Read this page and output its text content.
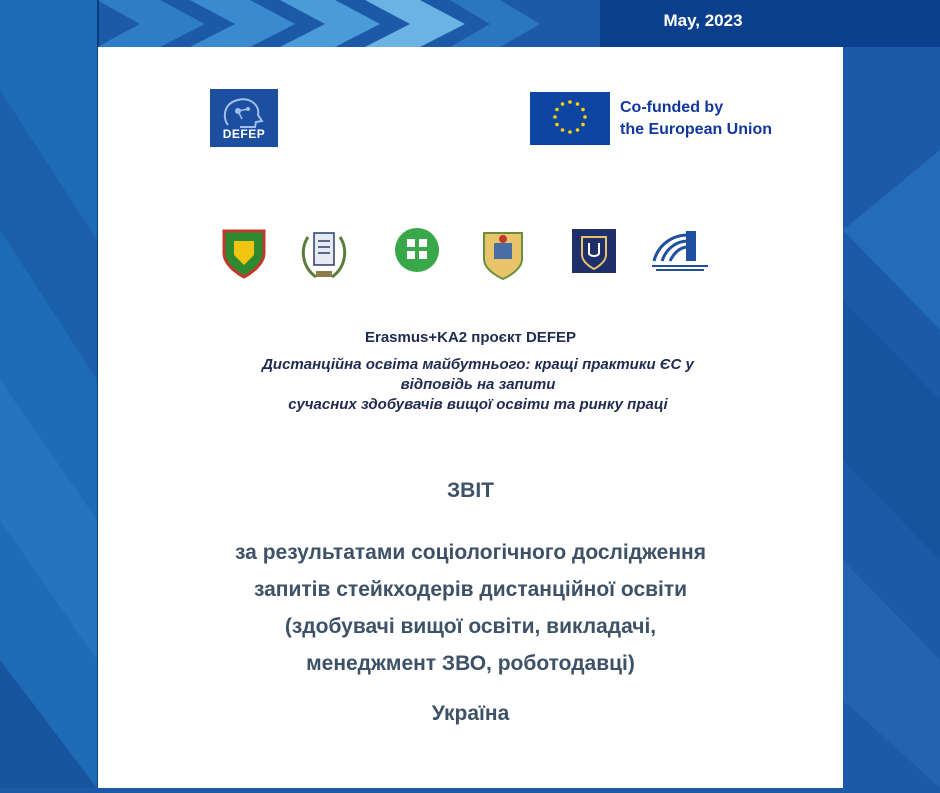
May, 2023
DEFEP
Co-funded by
the European Union
Erasmus+KA2 проєкт DEFEP
Дистанційна освіта майбутнього: кращі практики ЄС у
відповідь на запити
сучасних здобувачів вищої освіти та ринку праці
ЗВІТ
за результатами соціологічного дослідження
запитів стейкходерів дистанційної освіти
(здобувачі вищої освіти, викладачі,
менеджмент ЗВО, роботодавці)
Україна
